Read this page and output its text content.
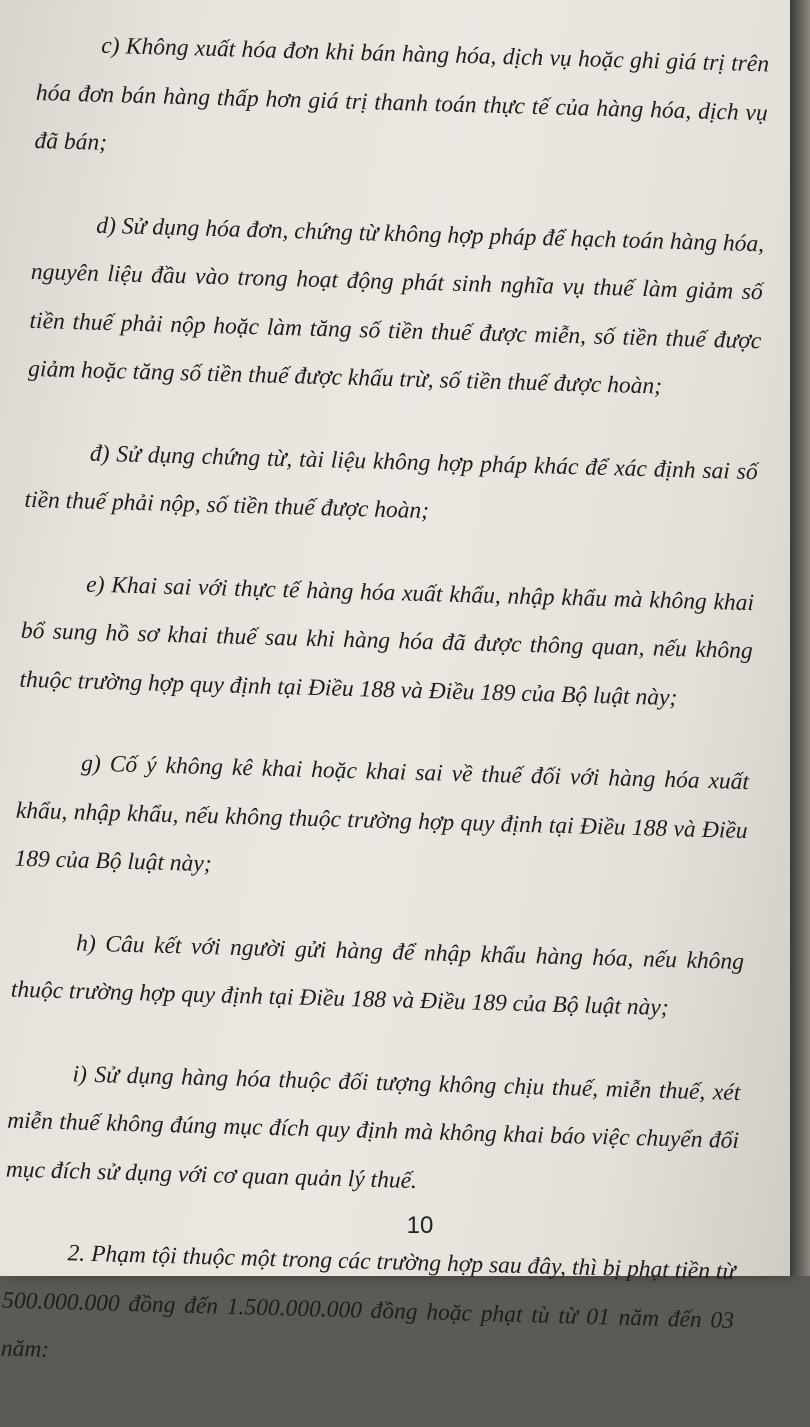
c) Không xuất hóa đơn khi bán hàng hóa, dịch vụ hoặc ghi giá trị trên hóa đơn bán hàng thấp hơn giá trị thanh toán thực tế của hàng hóa, dịch vụ đã bán;

d) Sử dụng hóa đơn, chứng từ không hợp pháp để hạch toán hàng hóa, nguyên liệu đầu vào trong hoạt động phát sinh nghĩa vụ thuế làm giảm số tiền thuế phải nộp hoặc làm tăng số tiền thuế được miễn, số tiền thuế được giảm hoặc tăng số tiền thuế được khấu trừ, số tiền thuế được hoàn;

đ) Sử dụng chứng từ, tài liệu không hợp pháp khác để xác định sai số tiền thuế phải nộp, số tiền thuế được hoàn;

e) Khai sai với thực tế hàng hóa xuất khẩu, nhập khẩu mà không khai bổ sung hồ sơ khai thuế sau khi hàng hóa đã được thông quan, nếu không thuộc trường hợp quy định tại Điều 188 và Điều 189 của Bộ luật này;

g) Cố ý không kê khai hoặc khai sai về thuế đối với hàng hóa xuất khẩu, nhập khẩu, nếu không thuộc trường hợp quy định tại Điều 188 và Điều 189 của Bộ luật này;

h) Câu kết với người gửi hàng để nhập khẩu hàng hóa, nếu không thuộc trường hợp quy định tại Điều 188 và Điều 189 của Bộ luật này;

i) Sử dụng hàng hóa thuộc đối tượng không chịu thuế, miễn thuế, xét miễn thuế không đúng mục đích quy định mà không khai báo việc chuyển đổi mục đích sử dụng với cơ quan quản lý thuế.

2. Phạm tội thuộc một trong các trường hợp sau đây, thì bị phạt tiền từ 500.000.000 đồng đến 1.500.000.000 đồng hoặc phạt tù từ 01 năm đến 03 năm:

10
